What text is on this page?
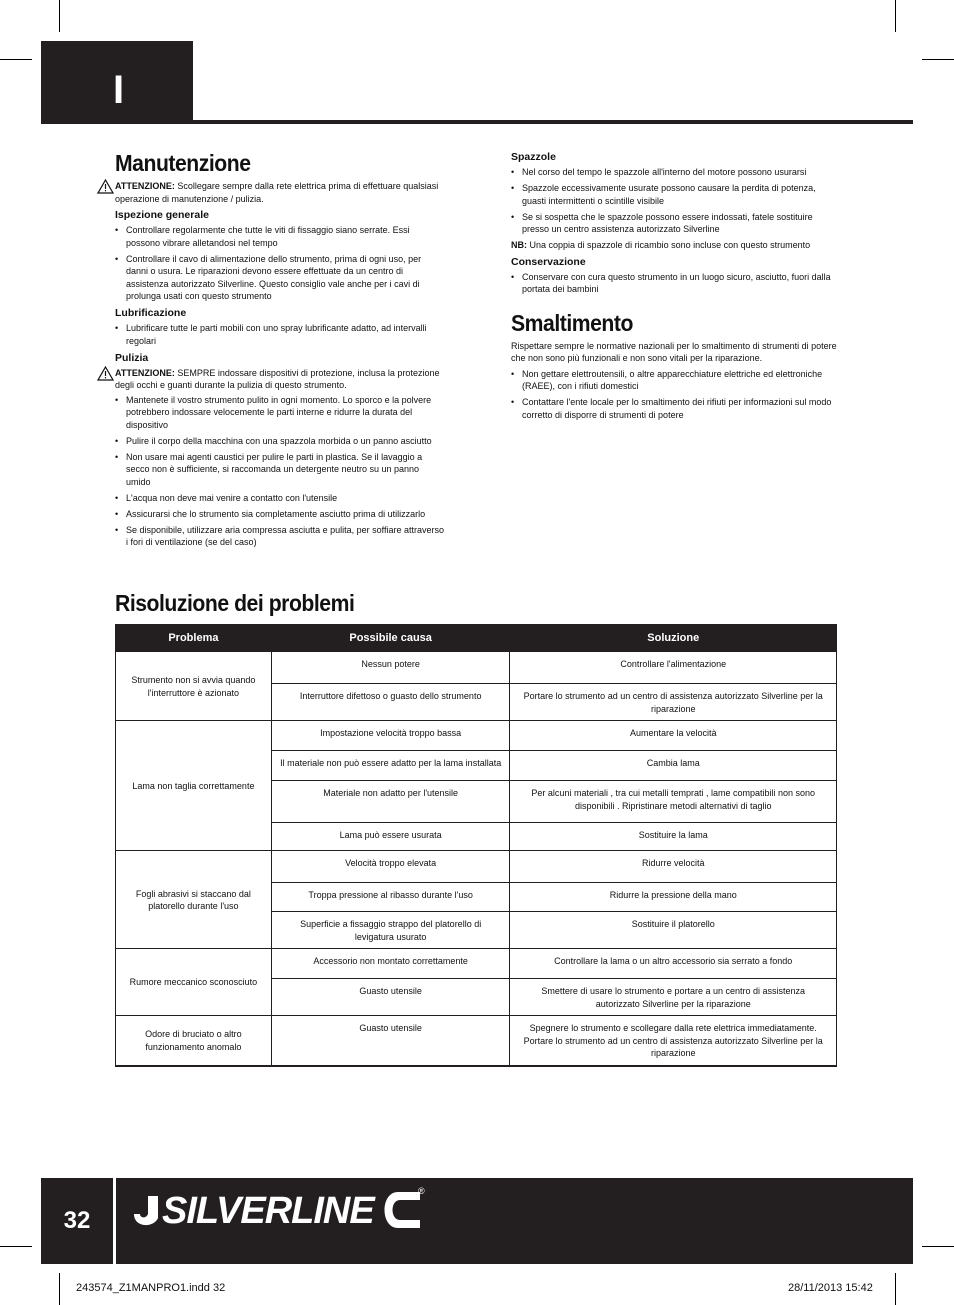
I
Manutenzione
ATTENZIONE: Scollegare sempre dalla rete elettrica prima di effettuare qualsiasi operazione di manutenzione / pulizia.
Ispezione generale
• Controllare regolarmente che tutte le viti di fissaggio siano serrate. Essi possono vibrare alletandosi nel tempo
• Controllare il cavo di alimentazione dello strumento, prima di ogni uso, per danni o usura. Le riparazioni devono essere effettuate da un centro di assistenza autorizzato Silverline. Questo consiglio vale anche per i cavi di prolunga usati con questo strumento
Lubrificazione
• Lubrificare tutte le parti mobili con uno spray lubrificante adatto, ad intervalli regolari
Pulizia
ATTENZIONE: SEMPRE indossare dispositivi di protezione, inclusa la protezione degli occhi e guanti durante la pulizia di questo strumento.
• Mantenete il vostro strumento pulito in ogni momento. Lo sporco e la polvere potrebbero indossare velocemente le parti interne e ridurre la durata del dispositivo
• Pulire il corpo della macchina con una spazzola morbida o un panno asciutto
• Non usare mai agenti caustici per pulire le parti in plastica. Se il lavaggio a secco non è sufficiente, si raccomanda un detergente neutro su un panno umido
• L'acqua non deve mai venire a contatto con l'utensile
• Assicurarsi che lo strumento sia completamente asciutto prima di utilizzarlo
• Se disponibile, utilizzare aria compressa asciutta e pulita, per soffiare attraverso i fori di ventilazione (se del caso)
Spazzole
• Nel corso del tempo le spazzole all'interno del motore possono usurarsi
• Spazzole eccessivamente usurate possono causare la perdita di potenza, guasti intermittenti o scintille visibile
• Se si sospetta che le spazzole possono essere indossati, fatele sostituire presso un centro assistenza autorizzato Silverline

NB: Una coppia di spazzole di ricambio sono incluse con questo strumento

Conservazione
• Conservare con cura questo strumento in un luogo sicuro, asciutto, fuori dalla portata dei bambini
Smaltimento

Rispettare sempre le normative nazionali per lo smaltimento di strumenti di potere che non sono più funzionali e non sono vitali per la riparazione.

• Non gettare elettroutensili, o altre apparecchiature elettriche ed elettroniche (RAEE), con i rifiuti domestici
• Contattare l'ente locale per lo smaltimento dei rifiuti per informazioni sul modo corretto di disporre di strumenti di potere
Risoluzione dei problemi
Problema	Possibile causa	Soluzione
Strumento non si avvia quando l'interruttore è azionato	Nessun potere	Controllare l'alimentazione
	Interruttore difettoso o guasto dello strumento	Portare lo strumento ad un centro di assistenza autorizzato Silverline per la riparazione
Lama non taglia correttamente	Impostazione velocità troppo bassa	Aumentare la velocità
	Il materiale non può essere adatto per la lama installata	Cambia lama
	Materiale non adatto per l'utensile	Per alcuni materiali , tra cui metalli temprati , lame compatibili non sono disponibili . Ripristinare metodi alternativi di taglio
	Lama può essere usurata	Sostituire la lama
Fogli abrasivi si staccano dal platorello durante l'uso	Velocità troppo elevata	Ridurre velocità
	Troppa pressione al ribasso durante l'uso	Ridurre la pressione della mano
	Superficie a fissaggio strappo del platorello di levigatura usurato	Sostituire il platorello
Rumore meccanico sconosciuto	Accessorio non montato correttamente	Controllare la lama o un altro accessorio sia serrato a fondo
	Guasto utensile	Smettere di usare lo strumento e portare a un centro di assistenza autorizzato Silverline per la riparazione
Odore di bruciato o altro funzionamento anomalo	Guasto utensile	Spegnere lo strumento e scollegare dalla rete elettrica immediatamente. Portare lo strumento ad un centro di assistenza autorizzato Silverline per la riparazione
32	SILVERLINE	®
243574_Z1MANPRO1.indd 32	28/11/2013 15:42
